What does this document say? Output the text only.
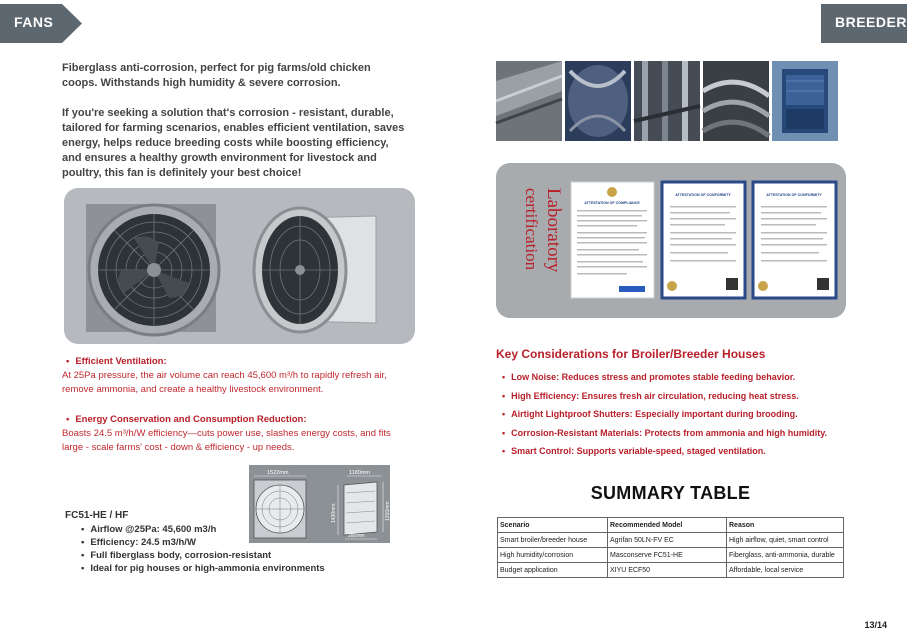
FANS	BREEDER

Fiberglass anti-corrosion, perfect for pig farms/old chicken coops. Withstands high humidity & severe corrosion.

If you're seeking a solution that's corrosion - resistant, durable, tailored for farming scenarios, enables efficient ventilation, saves energy, helps reduce breeding costs while boosting efficiency, and ensures a healthy growth environment for livestock and poultry, this fan is definitely your best choice!

• Efficient Ventilation:
At 25Pa pressure, the air volume can reach 45,600 m³/h to rapidly refresh air, remove ammonia, and create a healthy livestock environment.
• Energy Conservation and Consumption Reduction:
Boasts 24.5 m³/h/W efficiency—cuts power use, slashes energy costs, and fits large - scale farms' cost - down & efficiency - up needs.
1522mm	1180mm
1430mm	1310mm
280mm
FC51-HE / HF
• Airflow @25Pa: 45,600 m3/h
• Efficiency: 24.5 m3/h/W
• Full fiberglass body, corrosion-resistant
• Ideal for pig houses or high-ammonia environments
Laboratory
certification	ATTESTATION OF COMPLIANCE
ATTESTATION OF CONFORMITY	ATTESTATION OF CONFORMITY
Key Considerations for Broiler/Breeder Houses
• Low Noise: Reduces stress and promotes stable feeding behavior.
• High Efficiency: Ensures fresh air circulation, reducing heat stress.
• Airtight Lightproof Shutters: Especially important during brooding.
• Corrosion-Resistant Materials: Protects from ammonia and high humidity.
• Smart Control: Supports variable-speed, staged ventilation.
SUMMARY TABLE
Scenario	Recommended Model	Reason
Smart broiler/breeder house	Agrifan 50LN-FV EC	High airflow, quiet, smart control
High humidity/corrosion	Masconserve FC51-HE	Fiberglass, anti-ammonia, durable
Budget application	XIYU ECF50	Affordable, local service
13/14
